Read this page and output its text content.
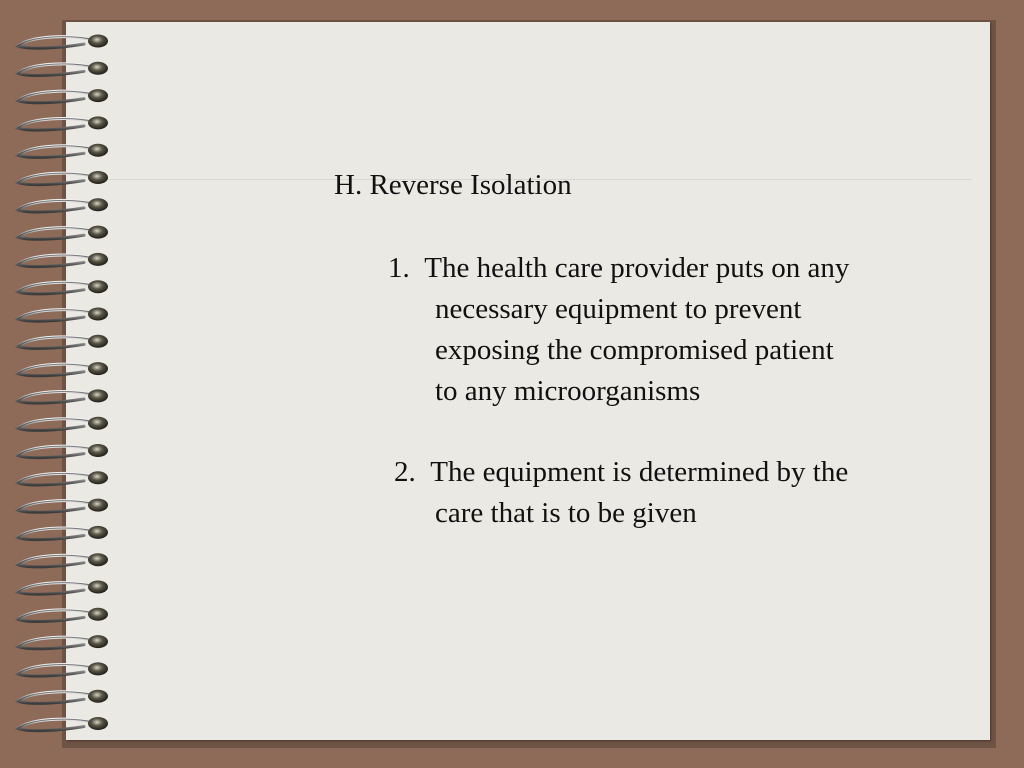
H. Reverse Isolation
1. The health care provider puts on any
necessary equipment to prevent
exposing the compromised patient
to any microorganisms
2. The equipment is determined by the
care that is to be given
